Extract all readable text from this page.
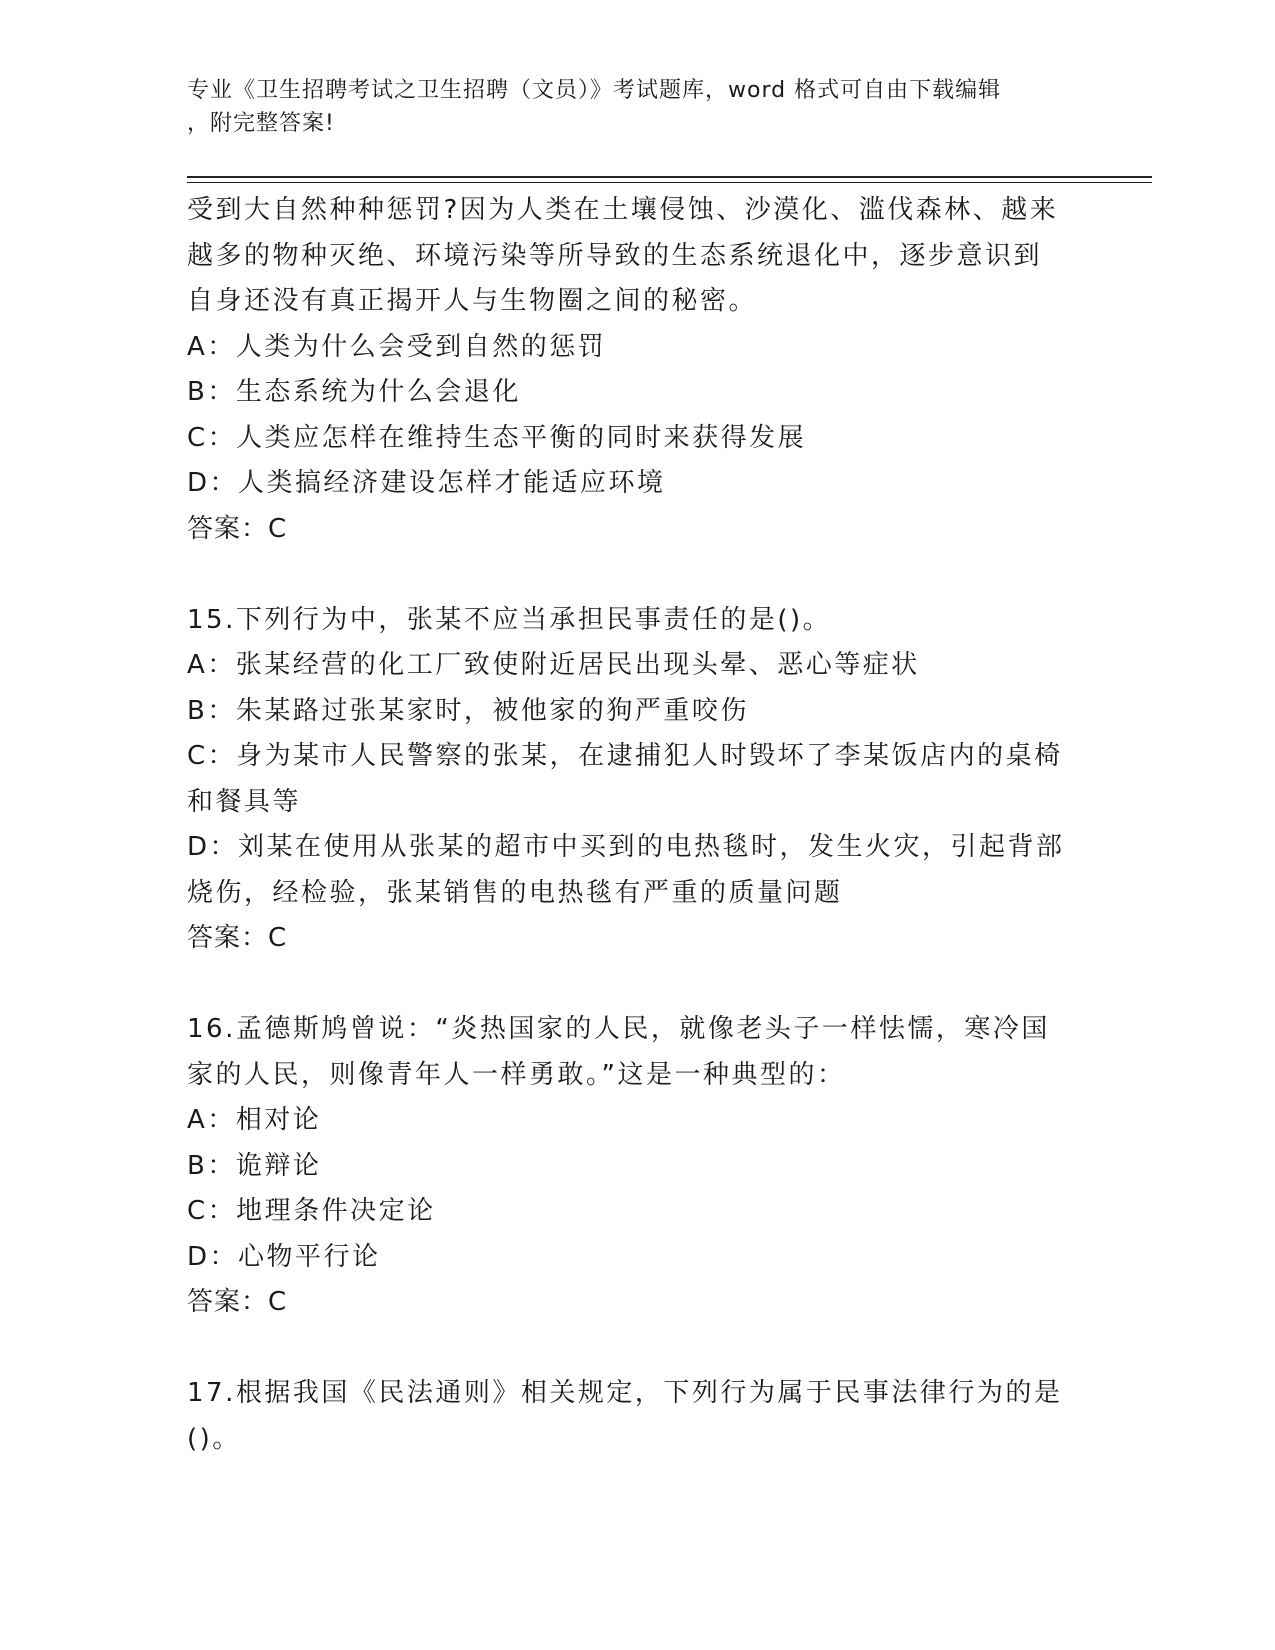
专业《卫生招聘考试之卫生招聘（文员）》考试题库，word 格式可自由下载编辑
，附完整答案!
受到大自然种种惩罚?因为人类在土壤侵蚀、沙漠化、滥伐森林、越来
越多的物种灭绝、环境污染等所导致的生态系统退化中，逐步意识到
自身还没有真正揭开人与生物圈之间的秘密。
A：人类为什么会受到自然的惩罚
B：生态系统为什么会退化
C：人类应怎样在维持生态平衡的同时来获得发展
D：人类搞经济建设怎样才能适应环境
答案：C
15.下列行为中，张某不应当承担民事责任的是()。
A：张某经营的化工厂致使附近居民出现头晕、恶心等症状
B：朱某路过张某家时，被他家的狗严重咬伤
C：身为某市人民警察的张某，在逮捕犯人时毁坏了李某饭店内的桌椅
和餐具等
D：刘某在使用从张某的超市中买到的电热毯时，发生火灾，引起背部
烧伤，经检验，张某销售的电热毯有严重的质量问题
答案：C
16.孟德斯鸠曾说：“炎热国家的人民，就像老头子一样怯懦，寒冷国
家的人民，则像青年人一样勇敢。”这是一种典型的：
A：相对论
B：诡辩论
C：地理条件决定论
D：心物平行论
答案：C
17.根据我国《民法通则》相关规定，下列行为属于民事法律行为的是
()。
